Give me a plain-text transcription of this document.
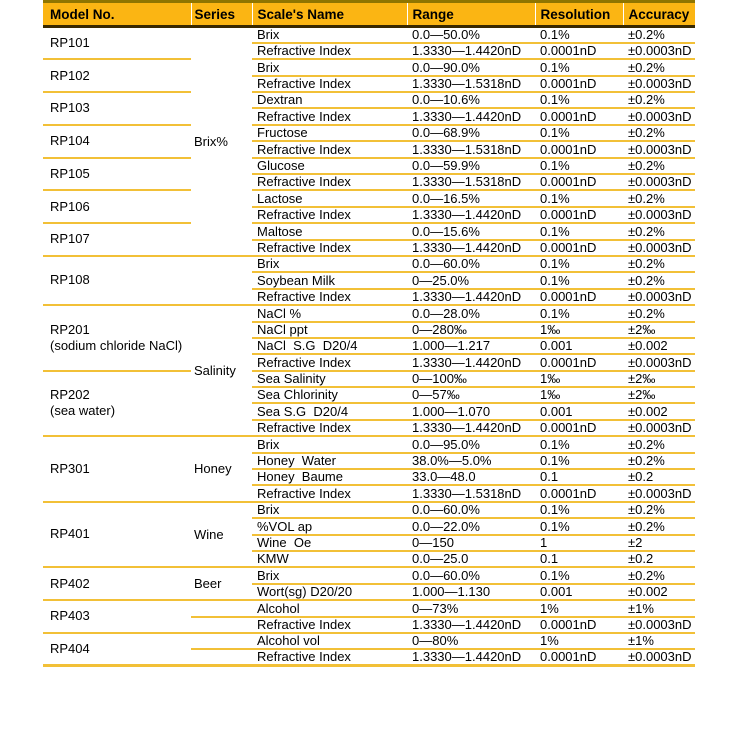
Model No.	Series	Scale's Name	Range	Resolution	Accuracy

RP101	Brix%	Brix	0.0—50.0%	0.1%	±0.2%
		Refractive Index	1.3330—1.4420nD	0.0001nD	±0.0003nD

RP102		Brix	0.0—90.0%	0.1%	±0.2%
		Refractive Index	1.3330—1.5318nD	0.0001nD	±0.0003nD

RP103		Dextran	0.0—10.6%	0.1%	±0.2%
		Refractive Index	1.3330—1.4420nD	0.0001nD	±0.0003nD

RP104		Fructose	0.0—68.9%	0.1%	±0.2%
		Refractive Index	1.3330—1.5318nD	0.0001nD	±0.0003nD

RP105		Glucose	0.0—59.9%	0.1%	±0.2%
		Refractive Index	1.3330—1.5318nD	0.0001nD	±0.0003nD

RP106		Lactose	0.0—16.5%	0.1%	±0.2%
		Refractive Index	1.3330—1.4420nD	0.0001nD	±0.0003nD

RP107		Maltose	0.0—15.6%	0.1%	±0.2%
		Refractive Index	1.3330—1.4420nD	0.0001nD	±0.0003nD

RP108		Brix	0.0—60.0%	0.1%	±0.2%
		Soybean Milk	0—25.0%	0.1%	±0.2%
		Refractive Index	1.3330—1.4420nD	0.0001nD	±0.0003nD

RP201
(sodium chloride NaCl)	Salinity	NaCl %	0.0—28.0%	0.1%	±0.2%
		NaCl ppt	0—280‰	1‰	±2‰
		NaCl  S.G  D20/4	1.000—1.217	0.001	±0.002
		Refractive Index	1.3330—1.4420nD	0.0001nD	±0.0003nD

RP202
(sea water)		Sea Salinity	0—100‰	1‰	±2‰
		Sea Chlorinity	0—57‰	1‰	±2‰
		Sea S.G  D20/4	1.000—1.070	0.001	±0.002
		Refractive Index	1.3330—1.4420nD	0.0001nD	±0.0003nD

RP301	Honey	Brix	0.0—95.0%	0.1%	±0.2%
		Honey  Water	38.0%—5.0%	0.1%	±0.2%
		Honey  Baume	33.0—48.0	0.1	±0.2
		Refractive Index	1.3330—1.5318nD	0.0001nD	±0.0003nD

RP401	Wine	Brix	0.0—60.0%	0.1%	±0.2%
		%VOL ap	0.0—22.0%	0.1%	±0.2%
		Wine  Oe	0—150	1	±2
		KMW	0.0—25.0	0.1	±0.2

RP402	Beer	Brix	0.0—60.0%	0.1%	±0.2%
		Wort(sg) D20/20	1.000—1.130	0.001	±0.002

RP403		Alcohol	0—73%	1%	±1%
		Refractive Index	1.3330—1.4420nD	0.0001nD	±0.0003nD

RP404		Alcohol vol	0—80%	1%	±1%
		Refractive Index	1.3330—1.4420nD	0.0001nD	±0.0003nD
